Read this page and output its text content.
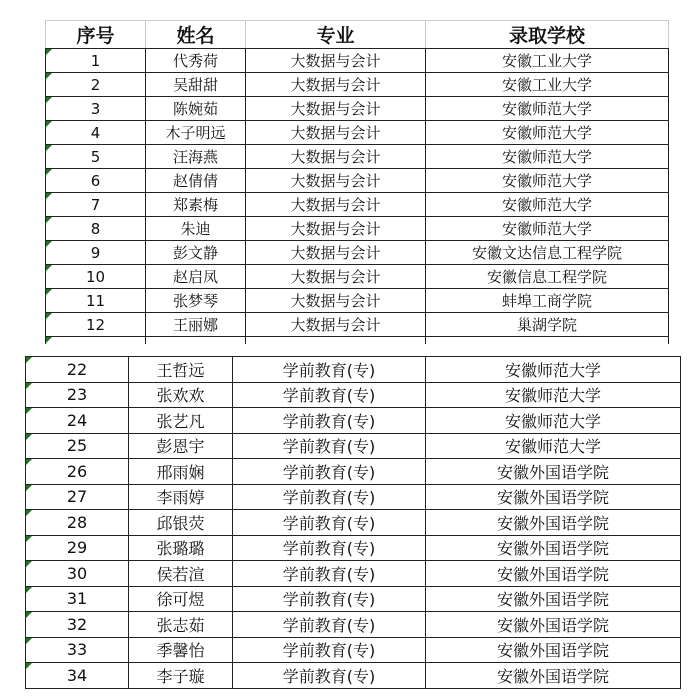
序号	姓名	专业	录取学校
1	代秀荷	大数据与会计	安徽工业大学
2	吴甜甜	大数据与会计	安徽工业大学
3	陈婉茹	大数据与会计	安徽师范大学
4	木子明远	大数据与会计	安徽师范大学
5	汪海燕	大数据与会计	安徽师范大学
6	赵倩倩	大数据与会计	安徽师范大学
7	郑素梅	大数据与会计	安徽师范大学
8	朱迪	大数据与会计	安徽师范大学
9	彭文静	大数据与会计	安徽文达信息工程学院
10	赵启凤	大数据与会计	安徽信息工程学院
11	张梦琴	大数据与会计	蚌埠工商学院
12	王丽娜	大数据与会计	巢湖学院

22	王哲远	学前教育(专)	安徽师范大学
23	张欢欢	学前教育(专)	安徽师范大学
24	张艺凡	学前教育(专)	安徽师范大学
25	彭恩宇	学前教育(专)	安徽师范大学
26	邢雨娴	学前教育(专)	安徽外国语学院
27	李雨婷	学前教育(专)	安徽外国语学院
28	邱银荧	学前教育(专)	安徽外国语学院
29	张璐璐	学前教育(专)	安徽外国语学院
30	侯若渲	学前教育(专)	安徽外国语学院
31	徐可煜	学前教育(专)	安徽外国语学院
32	张志茹	学前教育(专)	安徽外国语学院
33	季馨怡	学前教育(专)	安徽外国语学院
34	李子璇	学前教育(专)	安徽外国语学院
